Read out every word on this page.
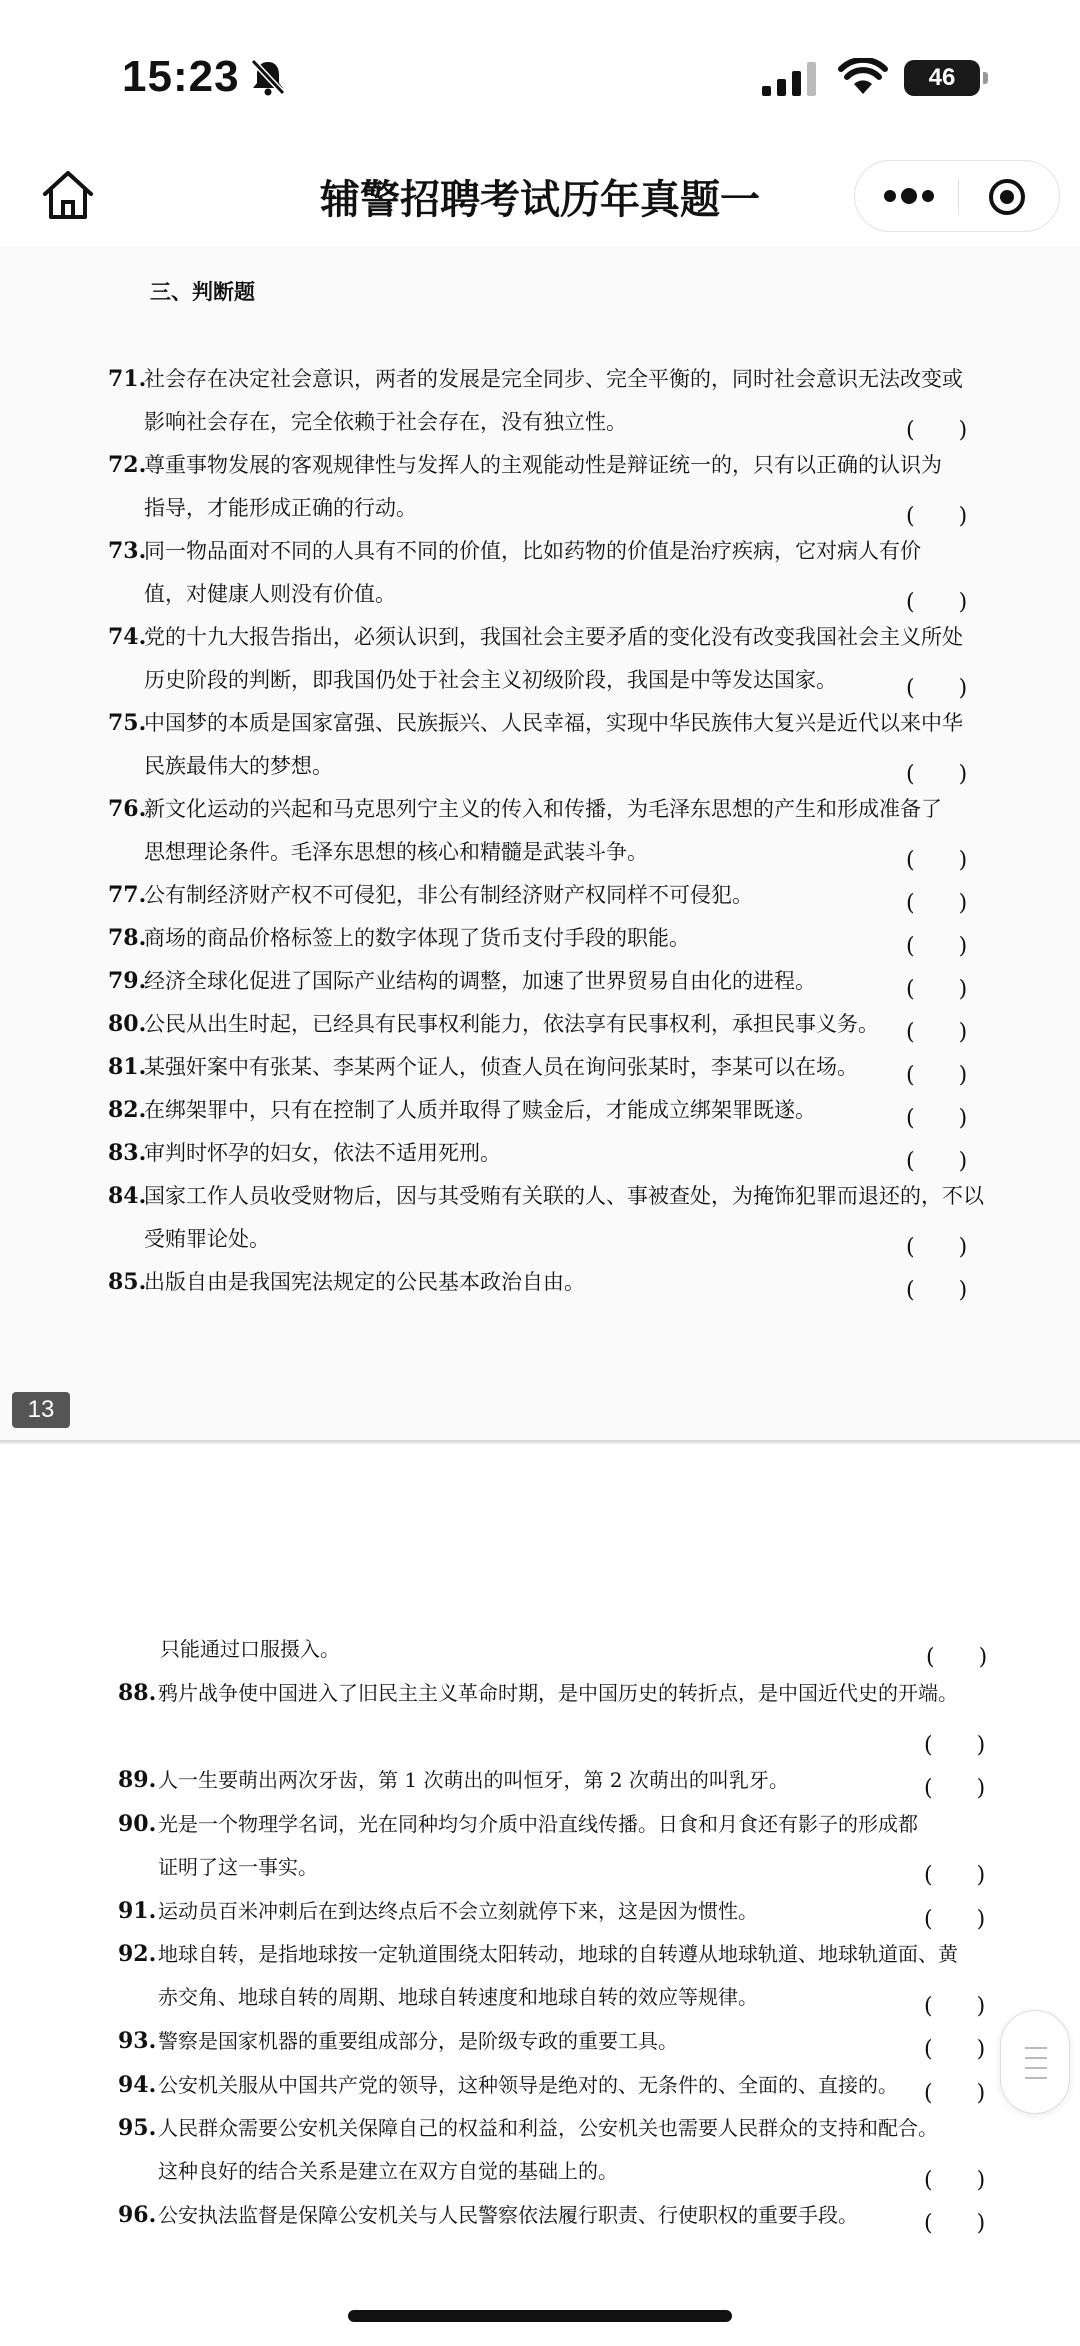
15:23	46
辅警招聘考试历年真题一
三、判断题
71.
社会存在决定社会意识，两者的发展是完全同步、完全平衡的，同时社会意识无法改变或
影响社会存在，完全依赖于社会存在，没有独立性。	(　　)
72.
尊重事物发展的客观规律性与发挥人的主观能动性是辩证统一的，只有以正确的认识为
指导，才能形成正确的行动。	(　　)
73.
同一物品面对不同的人具有不同的价值，比如药物的价值是治疗疾病，它对病人有价
值，对健康人则没有价值。	(　　)
74.
党的十九大报告指出，必须认识到，我国社会主要矛盾的变化没有改变我国社会主义所处
历史阶段的判断，即我国仍处于社会主义初级阶段，我国是中等发达国家。	(　　)
75.
中国梦的本质是国家富强、民族振兴、人民幸福，实现中华民族伟大复兴是近代以来中华
民族最伟大的梦想。	(　　)
76.
新文化运动的兴起和马克思列宁主义的传入和传播，为毛泽东思想的产生和形成准备了
思想理论条件。毛泽东思想的核心和精髓是武装斗争。	(　　)
77.
公有制经济财产权不可侵犯，非公有制经济财产权同样不可侵犯。	(　　)
78.
商场的商品价格标签上的数字体现了货币支付手段的职能。	(　　)
79.
经济全球化促进了国际产业结构的调整，加速了世界贸易自由化的进程。	(　　)
80.
公民从出生时起，已经具有民事权利能力，依法享有民事权利，承担民事义务。	(　　)
81.
某强奸案中有张某、李某两个证人，侦查人员在询问张某时，李某可以在场。	(　　)
82.
在绑架罪中，只有在控制了人质并取得了赎金后，才能成立绑架罪既遂。	(　　)
83.
审判时怀孕的妇女，依法不适用死刑。	(　　)
84.
国家工作人员收受财物后，因与其受贿有关联的人、事被查处，为掩饰犯罪而退还的，不以
受贿罪论处。	(　　)
85.
出版自由是我国宪法规定的公民基本政治自由。	(　　)
13
只能通过口服摄入。	(　　)
88. 鸦片战争使中国进入了旧民主主义革命时期，是中国历史的转折点，是中国近代史的开端。
(　　)
89. 人一生要萌出两次牙齿，第 1 次萌出的叫恒牙，第 2 次萌出的叫乳牙。	(　　)
90. 光是一个物理学名词，光在同种均匀介质中沿直线传播。日食和月食还有影子的形成都
证明了这一事实。	(　　)
91. 运动员百米冲刺后在到达终点后不会立刻就停下来，这是因为惯性。	(　　)
92. 地球自转，是指地球按一定轨道围绕太阳转动，地球的自转遵从地球轨道、地球轨道面、黄
赤交角、地球自转的周期、地球自转速度和地球自转的效应等规律。	(　　)
93. 警察是国家机器的重要组成部分，是阶级专政的重要工具。	(　　)
94. 公安机关服从中国共产党的领导，这种领导是绝对的、无条件的、全面的、直接的。	(　　)
95. 人民群众需要公安机关保障自己的权益和利益，公安机关也需要人民群众的支持和配合。
这种良好的结合关系是建立在双方自觉的基础上的。	(　　)
96. 公安执法监督是保障公安机关与人民警察依法履行职责、行使职权的重要手段。	(　　)
